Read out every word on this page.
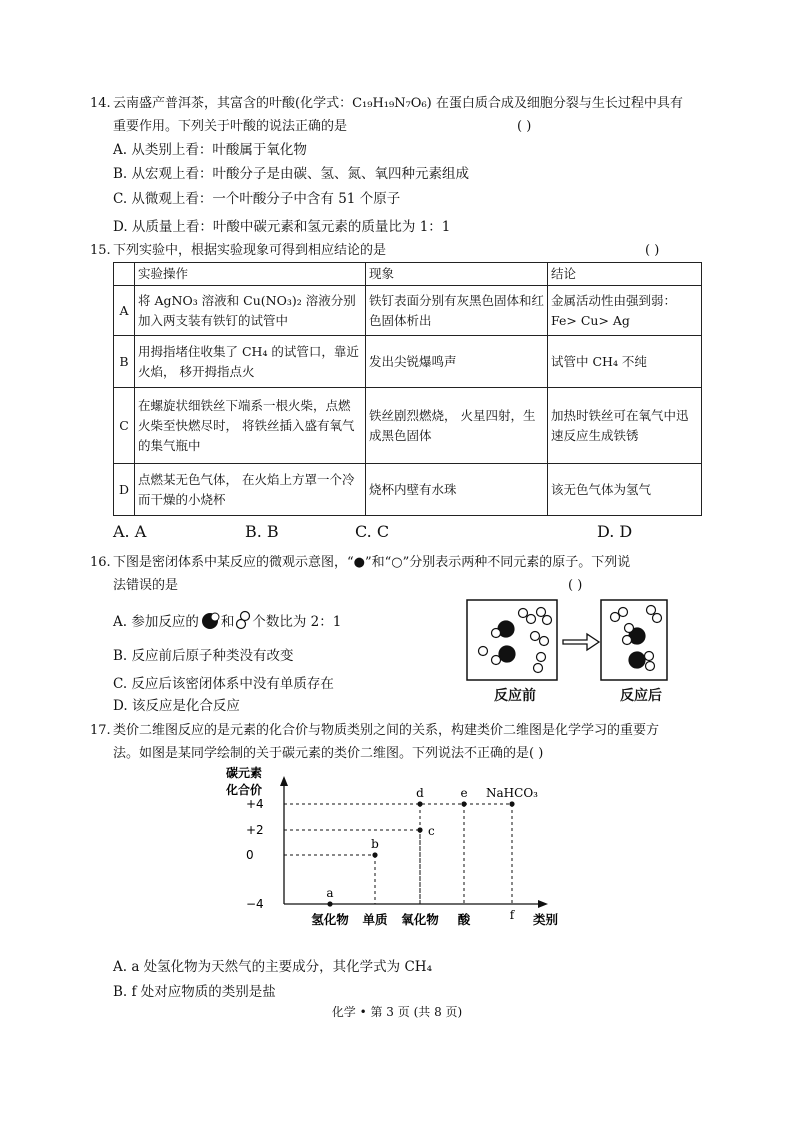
14. 云南盛产普洱茶，其富含的叶酸(化学式：C₁₉H₁₉N₇O₆) 在蛋白质合成及细胞分裂与生长过程中具有
重要作用。下列关于叶酸的说法正确的是	( )
A. 从类别上看：叶酸属于氧化物
B. 从宏观上看：叶酸分子是由碳、氢、氮、氧四种元素组成
C. 从微观上看：一个叶酸分子中含有 51 个原子
D. 从质量上看：叶酸中碳元素和氢元素的质量比为 1：1
15. 下列实验中，根据实验现象可得到相应结论的是	( )
	实验操作	现象	结论
A	将 AgNO₃ 溶液和 Cu(NO₃)₂ 溶液分别加入两支装有铁钉的试管中	铁钉表面分别有灰黑色固体和红色固体析出	金属活动性由强到弱：Fe> Cu> Ag
B	用拇指堵住收集了 CH₄ 的试管口，靠近火焰， 移开拇指点火	发出尖锐爆鸣声	试管中 CH₄ 不纯
C	在螺旋状细铁丝下端系一根火柴，点燃火柴至快燃尽时， 将铁丝插入盛有氧气的集气瓶中	铁丝剧烈燃烧， 火星四射，生成黑色固体	加热时铁丝可在氧气中迅速反应生成铁锈
D	点燃某无色气体， 在火焰上方罩一个冷而干燥的小烧杯	烧杯内壁有水珠	该无色气体为氢气
A. A	B. B	C. C	D. D
16. 下图是密闭体系中某反应的微观示意图，“●”和“○”分别表示两种不同元素的原子。下列说
法错误的是	( )
A. 参加反应的 和 个数比为 2：1
B. 反应前后原子种类没有改变
C. 反应后该密闭体系中没有单质存在
D. 该反应是化合反应
反应前	反应后
17. 类价二维图反应的是元素的化合价与物质类别之间的关系，构建类价二维图是化学学习的重要方
法。如图是某同学绘制的关于碳元素的类价二维图。下列说法不正确的是( )
碳元素
化合价
+4
+2
0
−4
a
b
c
d	e NaHCO₃
氢化物 单质 氧化物 酸	f 类别
A. a 处氢化物为天然气的主要成分，其化学式为 CH₄
B. f 处对应物质的类别是盐
化学 • 第 3 页 (共 8 页)
